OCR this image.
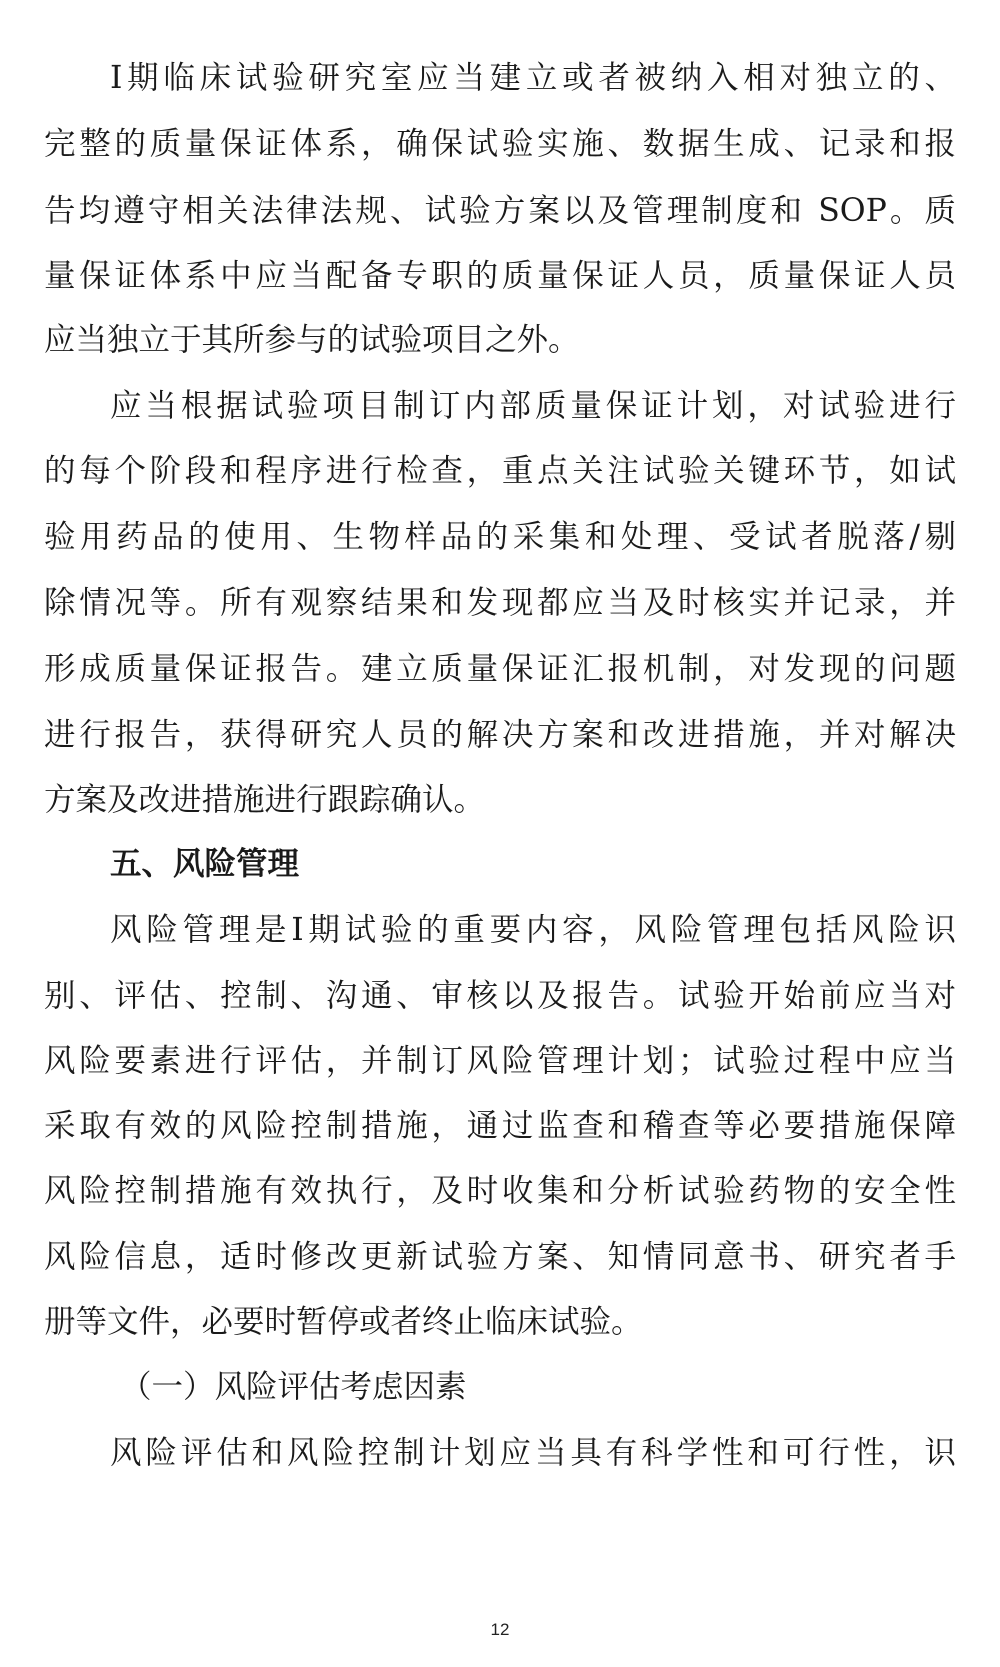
I期临床试验研究室应当建立或者被纳入相对独立的、
完整的质量保证体系，确保试验实施、数据生成、记录和报
告均遵守相关法律法规、试验方案以及管理制度和 SOP。质
量保证体系中应当配备专职的质量保证人员，质量保证人员
应当独立于其所参与的试验项目之外。
应当根据试验项目制订内部质量保证计划，对试验进行
的每个阶段和程序进行检查，重点关注试验关键环节，如试
验用药品的使用、生物样品的采集和处理、受试者脱落/剔
除情况等。所有观察结果和发现都应当及时核实并记录，并
形成质量保证报告。建立质量保证汇报机制，对发现的问题
进行报告，获得研究人员的解决方案和改进措施，并对解决
方案及改进措施进行跟踪确认。
五、风险管理
风险管理是I期试验的重要内容，风险管理包括风险识
别、评估、控制、沟通、审核以及报告。试验开始前应当对
风险要素进行评估，并制订风险管理计划；试验过程中应当
采取有效的风险控制措施，通过监查和稽查等必要措施保障
风险控制措施有效执行，及时收集和分析试验药物的安全性
风险信息，适时修改更新试验方案、知情同意书、研究者手
册等文件，必要时暂停或者终止临床试验。
（一）风险评估考虑因素
风险评估和风险控制计划应当具有科学性和可行性，识
12
